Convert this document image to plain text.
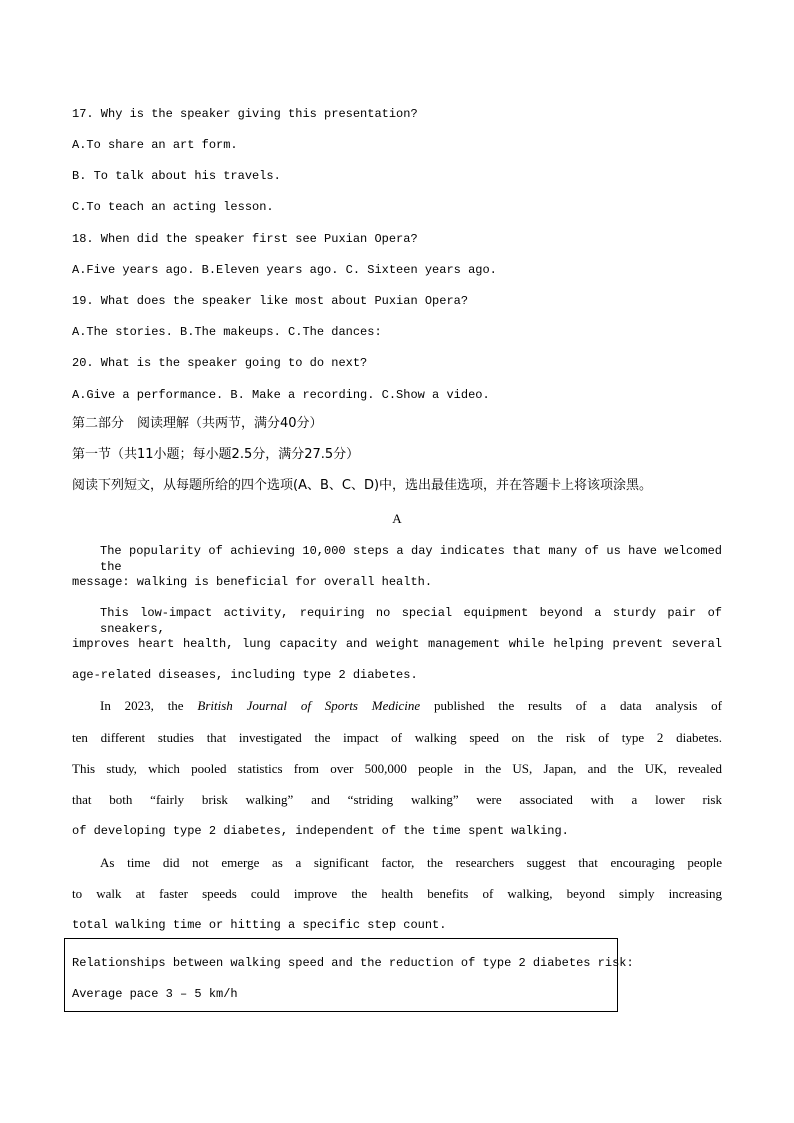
17. Why is the speaker giving this presentation?
A.To share an art form.
B. To talk about his travels.
C.To teach an acting lesson.
18. When did the speaker first see Puxian Opera?
A.Five years ago. B.Eleven years ago. C. Sixteen years ago.
19. What does the speaker like most about Puxian Opera?
A.The stories. B.The makeups. C.The dances:
20. What is the speaker going to do next?
A.Give a performance. B. Make a recording. C.Show a video.
第二部分　阅读理解（共两节，满分40分）
第一节（共11小题；每小题2.5分，满分27.5分）
阅读下列短文，从每题所给的四个选项(A、B、C、D)中，选出最佳选项，并在答题卡上将该项涂黑。
A
The popularity of achieving 10,000 steps a day indicates that many of us have welcomed the
message: walking is beneficial for overall health.
This low-impact activity, requiring no special equipment beyond a sturdy pair of sneakers,
improves heart health, lung capacity and weight management while helping prevent several
age-related diseases, including type 2 diabetes.
In 2023, the British Journal of Sports Medicine published the results of a data analysis of
ten different studies that investigated the impact of walking speed on the risk of type 2 diabetes.
This study, which pooled statistics from over 500,000 people in the US, Japan, and the UK, revealed
that both “fairly brisk walking” and “striding walking” were associated with a lower risk
of developing type 2 diabetes, independent of the time spent walking.
As time did not emerge as a significant factor, the researchers suggest that encouraging people
to walk at faster speeds could improve the health benefits of walking, beyond simply increasing
total walking time or hitting a specific step count.
Relationships between walking speed and the reduction of type 2 diabetes risk:
Average pace 3 – 5 km/h
